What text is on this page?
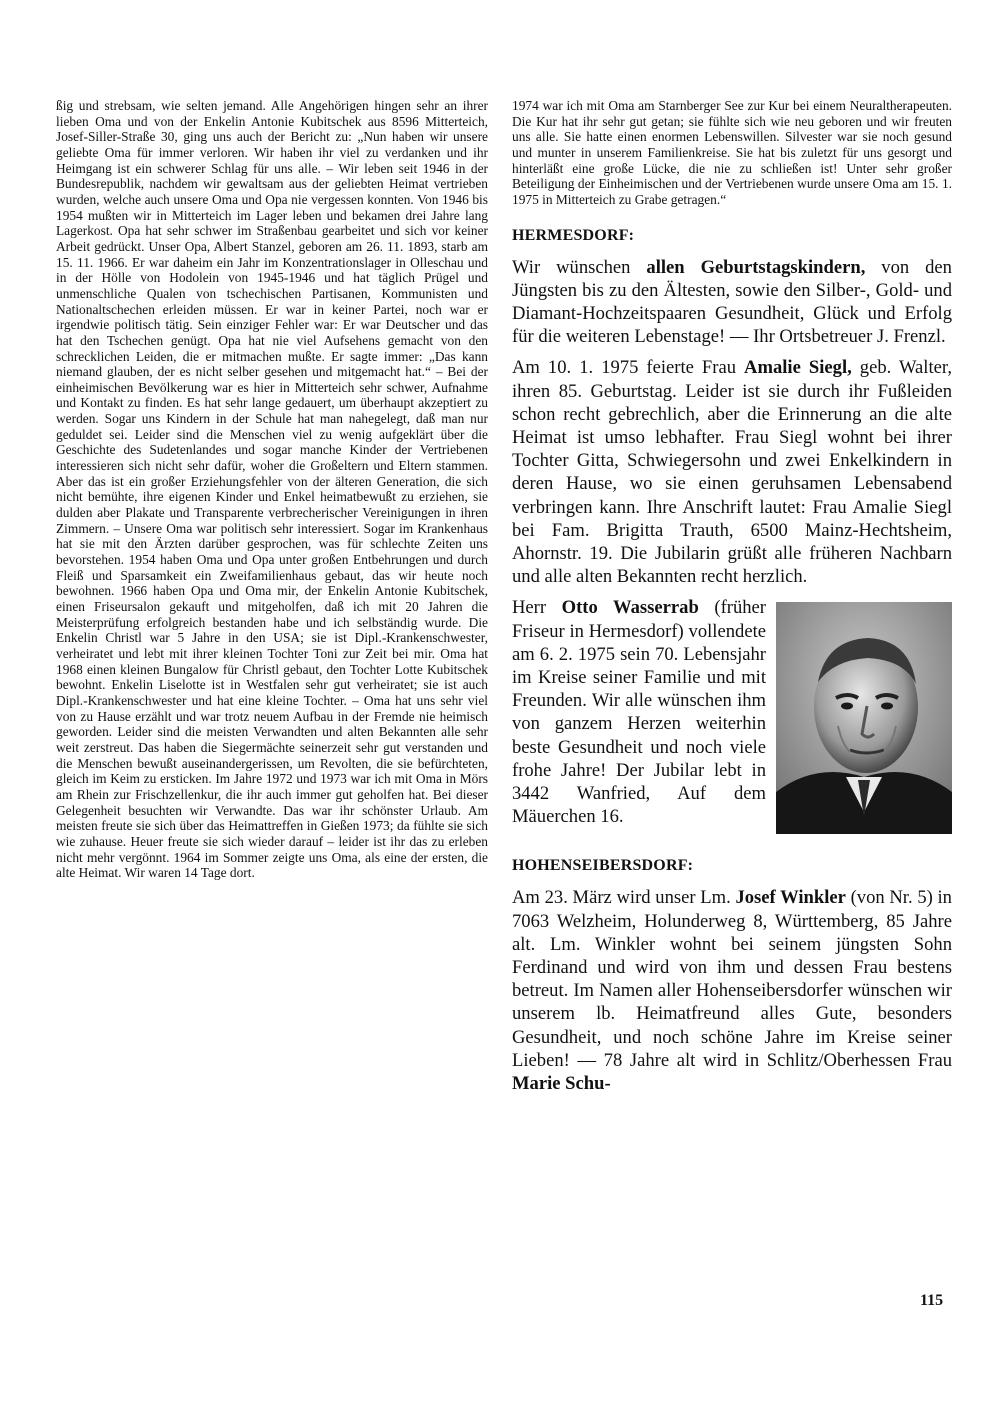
ßig und strebsam, wie selten jemand. Alle Angehörigen hingen sehr an ihrer lieben Oma und von der Enkelin Antonie Kubitschek aus 8596 Mitterteich, Josef-Siller-Straße 30, ging uns auch der Bericht zu: „Nun haben wir unsere geliebte Oma für immer verloren. Wir haben ihr viel zu verdanken und ihr Heimgang ist ein schwerer Schlag für uns alle. – Wir leben seit 1946 in der Bundesrepublik, nachdem wir gewaltsam aus der geliebten Heimat vertrieben wurden, welche auch unsere Oma und Opa nie vergessen konnten. Von 1946 bis 1954 mußten wir in Mitterteich im Lager leben und bekamen drei Jahre lang Lagerkost. Opa hat sehr schwer im Straßenbau gearbeitet und sich vor keiner Arbeit gedrückt. Unser Opa, Albert Stanzel, geboren am 26. 11. 1893, starb am 15. 11. 1966. Er war daheim ein Jahr im Konzentrationslager in Olleschau und in der Hölle von Hodolein von 1945-1946 und hat täglich Prügel und unmenschliche Qualen von tschechischen Partisanen, Kommunisten und Nationaltschechen erleiden müssen. Er war in keiner Partei, noch war er irgendwie politisch tätig. Sein einziger Fehler war: Er war Deutscher und das hat den Tschechen genügt. Opa hat nie viel Aufsehens gemacht von den schrecklichen Leiden, die er mitmachen mußte. Er sagte immer: „Das kann niemand glauben, der es nicht selber gesehen und mitgemacht hat.“ – Bei der einheimischen Bevölkerung war es hier in Mitterteich sehr schwer, Aufnahme und Kontakt zu finden. Es hat sehr lange gedauert, um überhaupt akzeptiert zu werden. Sogar uns Kindern in der Schule hat man nahegelegt, daß man nur geduldet sei. Leider sind die Menschen viel zu wenig aufgeklärt über die Geschichte des Sudetenlandes und sogar manche Kinder der Vertriebenen interessieren sich nicht sehr dafür, woher die Großeltern und Eltern stammen. Aber das ist ein großer Erziehungsfehler von der älteren Generation, die sich nicht bemühte, ihre eigenen Kinder und Enkel heimatbewußt zu erziehen, sie dulden aber Plakate und Transparente verbrecherischer Vereinigungen in ihren Zimmern. – Unsere Oma war politisch sehr interessiert. Sogar im Krankenhaus hat sie mit den Ärzten darüber gesprochen, was für schlechte Zeiten uns bevorstehen. 1954 haben Oma und Opa unter großen Entbehrungen und durch Fleiß und Sparsamkeit ein Zweifamilienhaus gebaut, das wir heute noch bewohnen. 1966 haben Opa und Oma mir, der Enkelin Antonie Kubitschek, einen Friseursalon gekauft und mitgeholfen, daß ich mit 20 Jahren die Meisterprüfung erfolgreich bestanden habe und ich selbständig wurde. Die Enkelin Christl war 5 Jahre in den USA; sie ist Dipl.-Krankenschwester, verheiratet und lebt mit ihrer kleinen Tochter Toni zur Zeit bei mir. Oma hat 1968 einen kleinen Bungalow für Christl gebaut, den Tochter Lotte Kubitschek bewohnt. Enkelin Liselotte ist in Westfalen sehr gut verheiratet; sie ist auch Dipl.-Krankenschwester und hat eine kleine Tochter. – Oma hat uns sehr viel von zu Hause erzählt und war trotz neuem Aufbau in der Fremde nie heimisch geworden. Leider sind die meisten Verwandten und alten Bekannten alle sehr weit zerstreut. Das haben die Siegermächte seinerzeit sehr gut verstanden und die Menschen bewußt auseinandergerissen, um Revolten, die sie befürchteten, gleich im Keim zu ersticken. Im Jahre 1972 und 1973 war ich mit Oma in Mörs am Rhein zur Frischzellenkur, die ihr auch immer gut geholfen hat. Bei dieser Gelegenheit besuchten wir Verwandte. Das war ihr schönster Urlaub. Am meisten freute sie sich über das Heimattreffen in Gießen 1973; da fühlte sie sich wie zuhause. Heuer freute sie sich wieder darauf – leider ist ihr das zu erleben nicht mehr vergönnt. 1964 im Sommer zeigte uns Oma, als eine der ersten, die alte Heimat. Wir waren 14 Tage dort.

1974 war ich mit Oma am Starnberger See zur Kur bei einem Neuraltherapeuten. Die Kur hat ihr sehr gut getan; sie fühlte sich wie neu geboren und wir freuten uns alle. Sie hatte einen enormen Lebenswillen. Silvester war sie noch gesund und munter in unserem Familienkreise. Sie hat bis zuletzt für uns gesorgt und hinterläßt eine große Lücke, die nie zu schließen ist! Unter sehr großer Beteiligung der Einheimischen und der Vertriebenen wurde unsere Oma am 15. 1. 1975 in Mitterteich zu Grabe getragen.“

HERMESDORF:

Wir wünschen allen Geburtstagskindern, von den Jüngsten bis zu den Ältesten, sowie den Silber-, Gold- und Diamant-Hochzeitspaaren Gesundheit, Glück und Erfolg für die weiteren Lebenstage! — Ihr Ortsbetreuer J. Frenzl.

Am 10. 1. 1975 feierte Frau Amalie Siegl, geb. Walter, ihren 85. Geburtstag. Leider ist sie durch ihr Fußleiden schon recht gebrechlich, aber die Erinnerung an die alte Heimat ist umso lebhafter. Frau Siegl wohnt bei ihrer Tochter Gitta, Schwiegersohn und zwei Enkelkindern in deren Hause, wo sie einen geruhsamen Lebensabend verbringen kann. Ihre Anschrift lautet: Frau Amalie Siegl bei Fam. Brigitta Trauth, 6500 Mainz-Hechtsheim, Ahornstr. 19. Die Jubilarin grüßt alle früheren Nachbarn und alle alten Bekannten recht herzlich.

Herr Otto Wasserrab (früher Friseur in Hermesdorf) vollendete am 6. 2. 1975 sein 70. Lebensjahr im Kreise seiner Familie und mit Freunden. Wir alle wünschen ihm von ganzem Herzen weiterhin beste Gesundheit und noch viele frohe Jahre! Der Jubilar lebt in 3442 Wanfried, Auf dem Mäuerchen 16.

HOHENSEIBERSDORF:

Am 23. März wird unser Lm. Josef Winkler (von Nr. 5) in 7063 Welzheim, Holunderweg 8, Württemberg, 85 Jahre alt. Lm. Winkler wohnt bei seinem jüngsten Sohn Ferdinand und wird von ihm und dessen Frau bestens betreut. Im Namen aller Hohenseibersdorfer wünschen wir unserem lb. Heimatfreund alles Gute, besonders Gesundheit, und noch schöne Jahre im Kreise seiner Lieben! — 78 Jahre alt wird in Schlitz/Oberhessen Frau Marie Schu-

115
